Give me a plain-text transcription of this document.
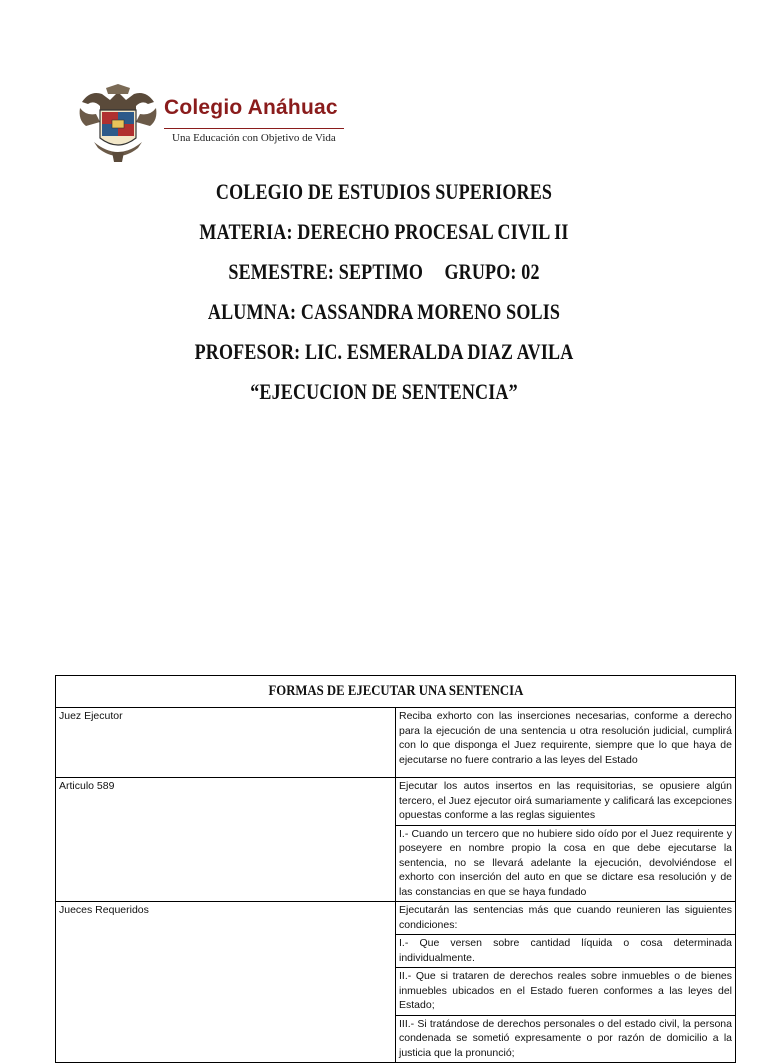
Colegio Anáhuac
Una Educación con Objetivo de Vida
COLEGIO DE ESTUDIOS SUPERIORES
MATERIA: DERECHO PROCESAL CIVIL II
SEMESTRE: SEPTIMO GRUPO: 02
ALUMNA: CASSANDRA MORENO SOLIS
PROFESOR: LIC. ESMERALDA DIAZ AVILA
“EJECUCION DE SENTENCIA”
FORMAS DE EJECUTAR UNA SENTENCIA	
Juez Ejecutor	Reciba exhorto con las inserciones necesarias, conforme a derecho para la ejecución de una sentencia u otra resolución judicial, cumplirá con lo que disponga el Juez requirente, siempre que lo que haya de ejecutarse no fuere contrario a las leyes del Estado
Articulo 589	Ejecutar los autos insertos en las requisitorias, se opusiere algún tercero, el Juez ejecutor oirá sumariamente y calificará las excepciones opuestas conforme a las reglas siguientes
	I.- Cuando un tercero que no hubiere sido oído por el Juez requirente y poseyere en nombre propio la cosa en que debe ejecutarse la sentencia, no se llevará adelante la ejecución, devolviéndose el exhorto con inserción del auto en que se dictare esa resolución y de las constancias en que se haya fundado
Jueces Requeridos	Ejecutarán las sentencias más que cuando reunieren las siguientes condiciones:
	I.- Que versen sobre cantidad líquida o cosa determinada individualmente.
	II.- Que si trataren de derechos reales sobre inmuebles o de bienes inmuebles ubicados en el Estado fueren conformes a las leyes del Estado;
	III.- Si tratándose de derechos personales o del estado civil, la persona condenada se sometió expresamente o por razón de domicilio a la justicia que la pronunció;
